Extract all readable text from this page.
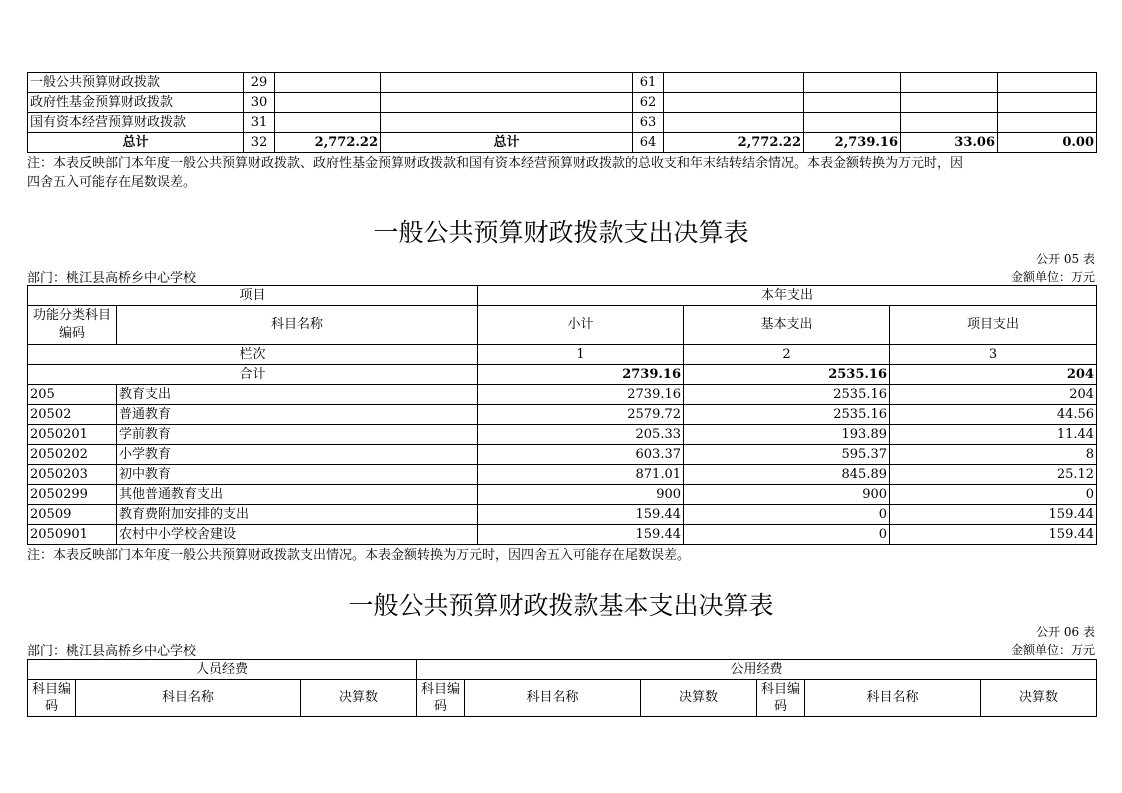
一般公共预算财政拨款	29			61				
政府性基金预算财政拨款	30			62				
国有资本经营预算财政拨款	31			63				
总计	32	2,772.22	总计	64	2,772.22	2,739.16	33.06	0.00
注：本表反映部门本年度一般公共预算财政拨款、政府性基金预算财政拨款和国有资本经营预算财政拨款的总收支和年末结转结余情况。本表金额转换为万元时，因
四舍五入可能存在尾数误差。
一般公共预算财政拨款支出决算表
公开 05 表
部门：桃江县高桥乡中心学校	金额单位：万元
项目		本年支出		
功能分类科目编码	科目名称	小计	基本支出	项目支出
栏次		1	2	3
合计		2739.16	2535.16	204
205	教育支出	2739.16	2535.16	204
20502	普通教育	2579.72	2535.16	44.56
2050201	学前教育	205.33	193.89	11.44
2050202	小学教育	603.37	595.37	8
2050203	初中教育	871.01	845.89	25.12
2050299	其他普通教育支出	900	900	0
20509	教育费附加安排的支出	159.44	0	159.44
2050901	农村中小学校舍建设	159.44	0	159.44
注：本表反映部门本年度一般公共预算财政拨款支出情况。本表金额转换为万元时，因四舍五入可能存在尾数误差。
一般公共预算财政拨款基本支出决算表
公开 06 表
部门：桃江县高桥乡中心学校	金额单位：万元
人员经费			公用经费					
科目编码	科目名称	决算数	科目编码	科目名称	决算数	科目编码	科目名称	决算数
